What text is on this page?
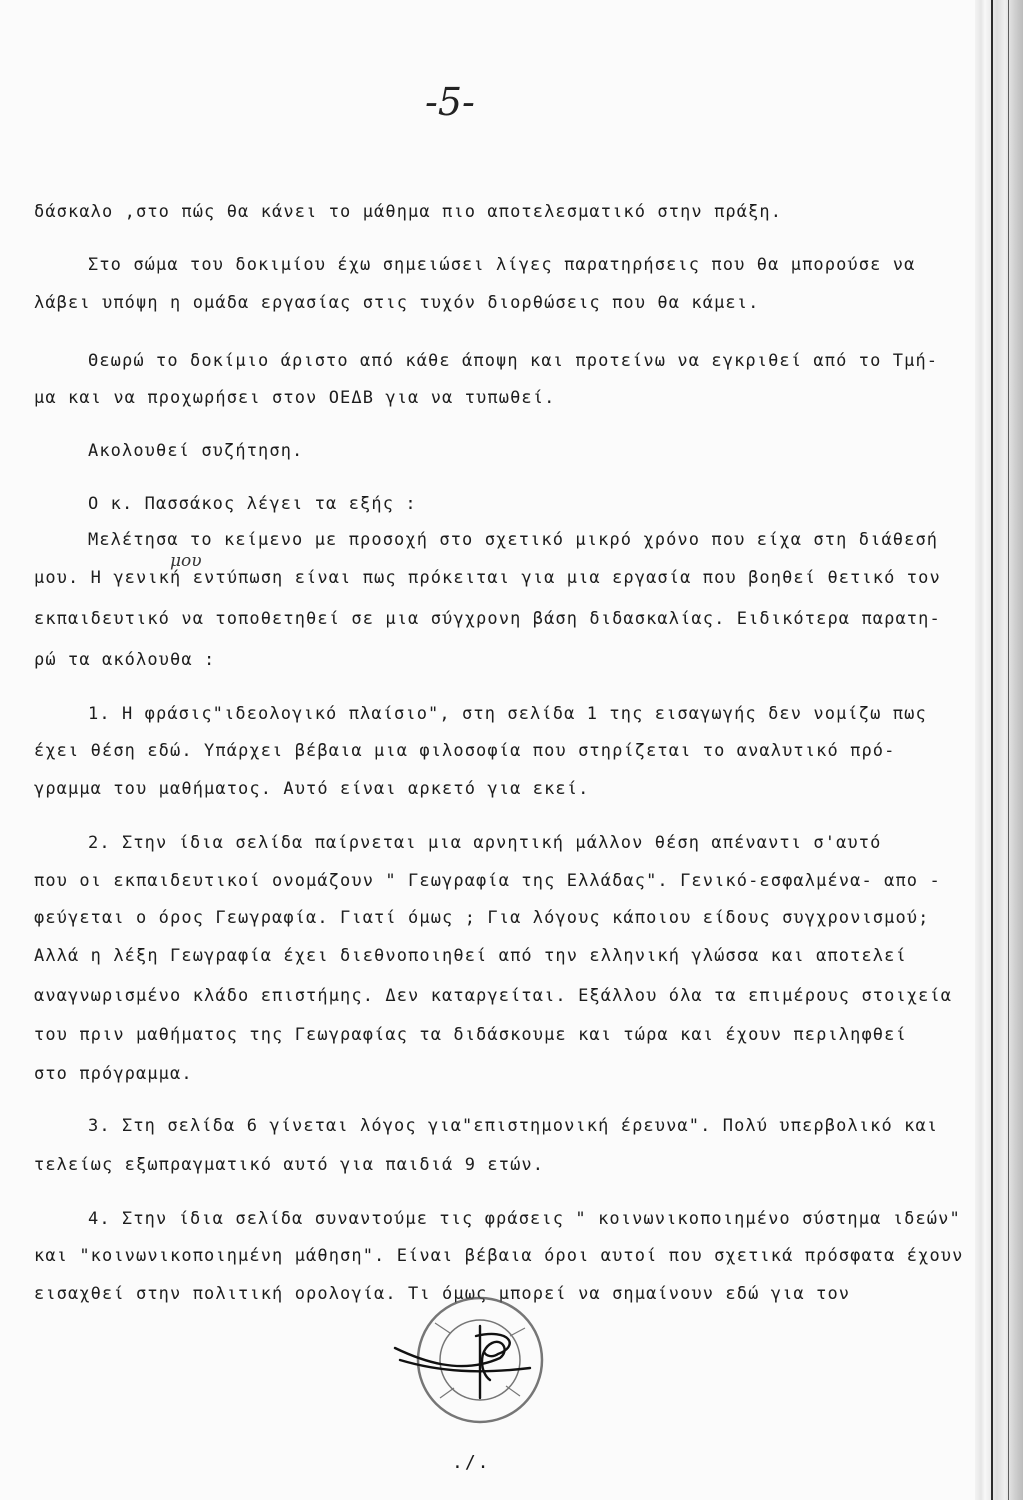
-5-

δάσκαλο ,στο πώς θα κάνει το μάθημα πιο αποτελεσματικό στην πράξη.

Στο σώμα του δοκιμίου έχω σημειώσει λίγες παρατηρήσεις που θα μπορούσε να

λάβει υπόψη η ομάδα εργασίας στις τυχόν διορθώσεις που θα κάμει.

Θεωρώ το δοκίμιο άριστο από κάθε άποψη και προτείνω να εγκριθεί από το Τμή-

μα και να προχωρήσει στον ΟΕΔΒ για να τυπωθεί.

Ακολουθεί συζήτηση.

Ο κ. Πασσάκος λέγει τα εξής :

Μελέτησα το κείμενο με προσοχή στο σχετικό μικρό χρόνο που είχα στη διάθεσή

μου

μου. Η γενική εντύπωση είναι πως πρόκειται για μια εργασία που βοηθεί θετικό τον

εκπαιδευτικό να τοποθετηθεί σε μια σύγχρονη βάση διδασκαλίας. Ειδικότερα παρατη-

ρώ τα ακόλουθα :

1. Η φράσις"ιδεολογικό πλαίσιο", στη σελίδα 1 της εισαγωγής δεν νομίζω πως

έχει θέση εδώ. Υπάρχει βέβαια μια φιλοσοφία που στηρίζεται το αναλυτικό πρό-

γραμμα του μαθήματος. Αυτό είναι αρκετό για εκεί.

2. Στην ίδια σελίδα παίρνεται μια αρνητική μάλλον θέση απέναντι σ'αυτό

που οι εκπαιδευτικοί ονομάζουν " Γεωγραφία της Ελλάδας". Γενικό-εσφαλμένα- απο -

φεύγεται ο όρος Γεωγραφία. Γιατί όμως ; Για λόγους κάποιου είδους συγχρονισμού;

Αλλά η λέξη Γεωγραφία έχει διεθνοποιηθεί από την ελληνική γλώσσα και αποτελεί

αναγνωρισμένο κλάδο επιστήμης. Δεν καταργείται. Εξάλλου όλα τα επιμέρους στοιχεία

του πριν μαθήματος της Γεωγραφίας τα διδάσκουμε και τώρα και έχουν περιληφθεί

στο πρόγραμμα.

3. Στη σελίδα 6 γίνεται λόγος για"επιστημονική έρευνα". Πολύ υπερβολικό και

τελείως εξωπραγματικό αυτό για παιδιά 9 ετών.

4. Στην ίδια σελίδα συναντούμε τις φράσεις " κοινωνικοποιημένο σύστημα ιδεών"

και "κοινωνικοποιημένη μάθηση". Είναι βέβαια όροι αυτοί που σχετικά πρόσφατα έχουν

εισαχθεί στην πολιτική ορολογία. Τι όμως μπορεί να σημαίνουν εδώ για τον

./.
